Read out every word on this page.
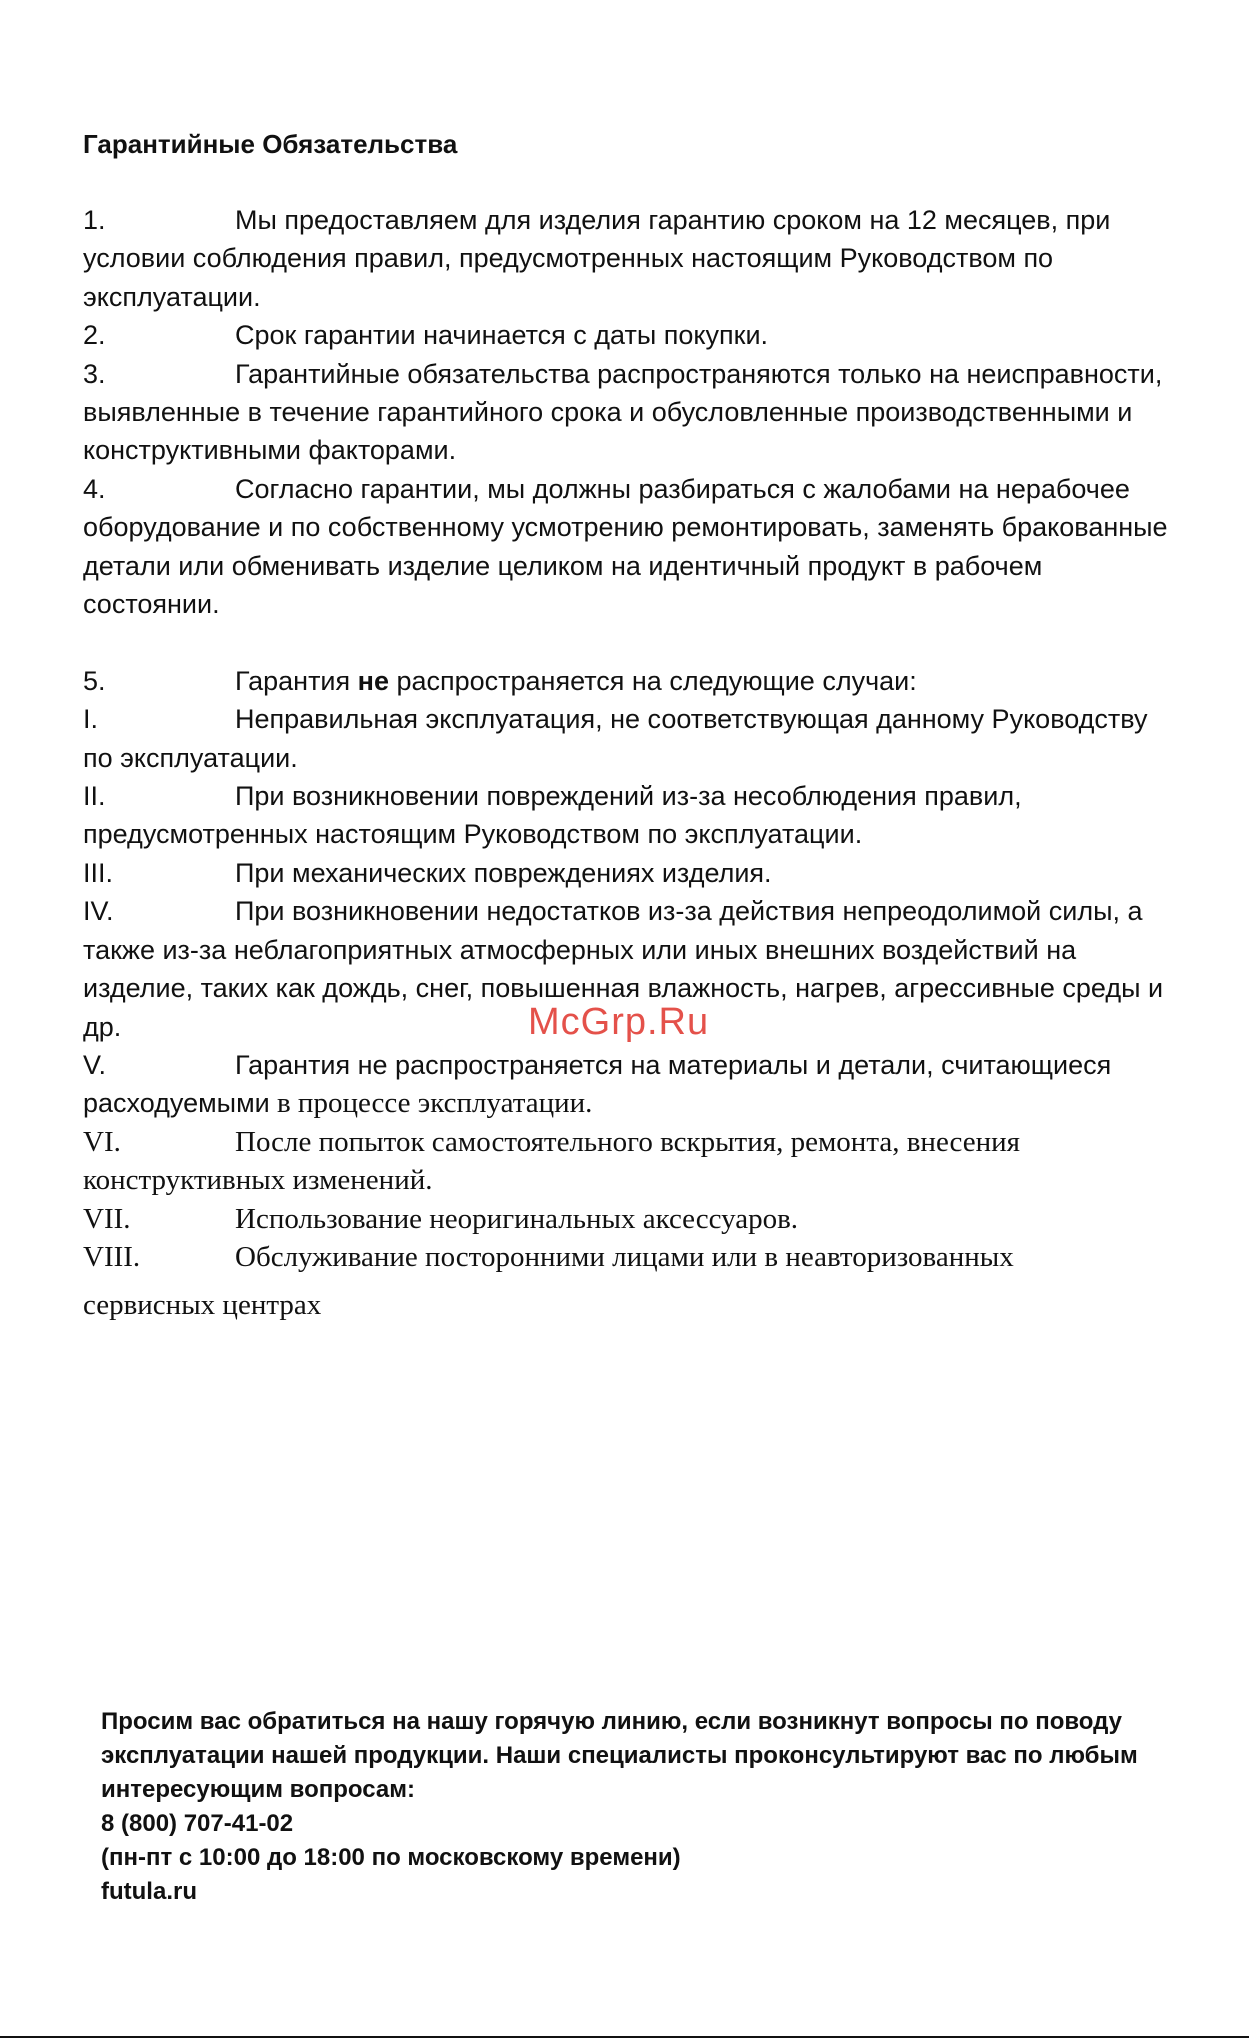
Гарантийные Обязательства
1.	Мы предоставляем для изделия гарантию сроком на 12 месяцев, при условии соблюдения правил, предусмотренных настоящим Руководством по эксплуатации.
2.	Срок гарантии начинается с даты покупки.
3.	Гарантийные обязательства распространяются только на неисправности, выявленные в течение гарантийного срока и обусловленные производственными и конструктивными факторами.
4.	Согласно гарантии, мы должны разбираться с жалобами на нерабочее оборудование и по собственному усмотрению ремонтировать, заменять бракованные детали или обменивать изделие целиком на идентичный продукт в рабочем состоянии.
5.	Гарантия не распространяется на следующие случаи:
I.	Неправильная эксплуатация, не соответствующая данному Руководству по эксплуатации.
II.	При возникновении повреждений из-за несоблюдения правил, предусмотренных настоящим Руководством по эксплуатации.
III.	При механических повреждениях изделия.
IV.	При возникновении недостатков из-за действия непреодолимой силы, а также из-за неблагоприятных атмосферных или иных внешних воздействий на изделие, таких как дождь, снег, повышенная влажность, нагрев, агрессивные среды и др.
V.	Гарантия не распространяется на материалы и детали, считающиеся расходуемыми в процессе эксплуатации.
VI.	После попыток самостоятельного вскрытия, ремонта, внесения конструктивных изменений.
VII.	Использование неоригинальных аксессуаров.
VIII.	Обслуживание посторонними лицами или в неавторизованных
сервисных центрах
McGrp.Ru
Просим вас обратиться на нашу горячую линию, если возникнут вопросы по поводу эксплуатации нашей продукции. Наши специалисты проконсультируют вас по любым интересующим вопросам:
8 (800) 707-41-02
(пн-пт с 10:00 до 18:00 по московскому времени)
futula.ru
